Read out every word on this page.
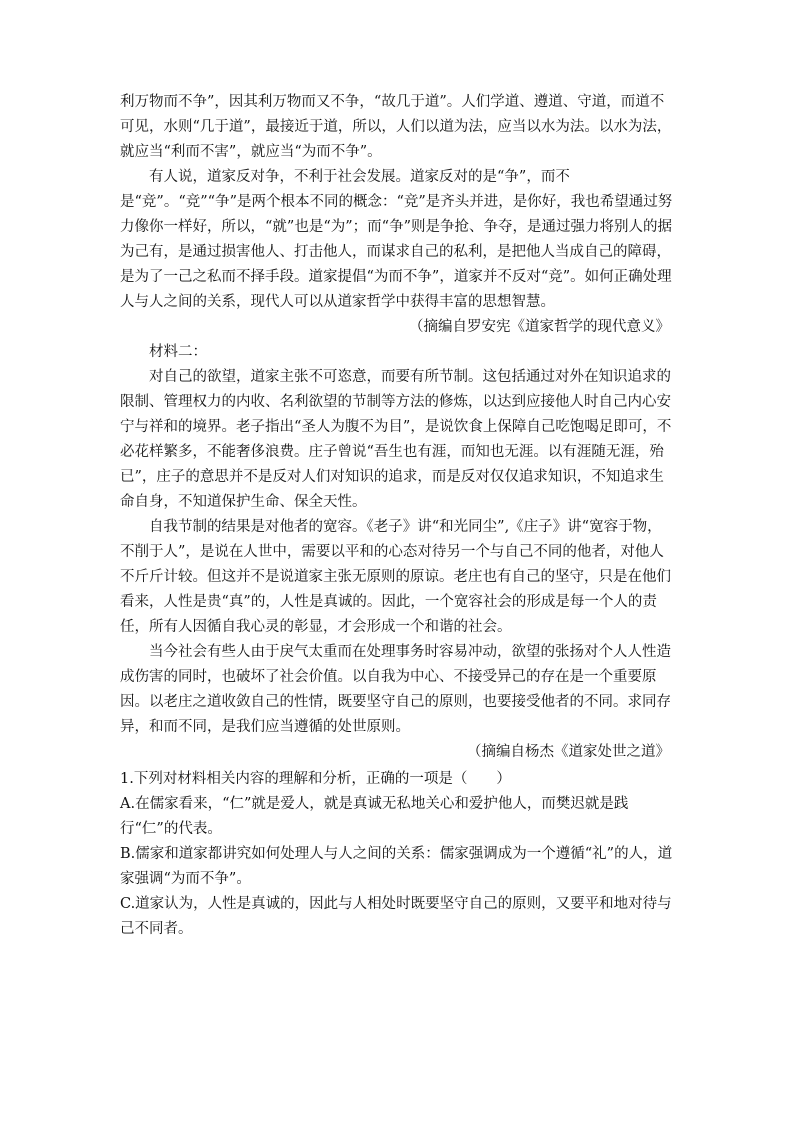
利万物而不争”，因其利万物而又不争，“故几于道”。人们学道、遵道、守道，而道不可见，水则“几于道”，最接近于道，所以，人们以道为法，应当以水为法。以水为法，就应当“利而不害”，就应当“为而不争”。

有人说，道家反对争，不利于社会发展。道家反对的是“争”，而不是“竞”。“竞”“争”是两个根本不同的概念：“竞”是齐头并进，是你好，我也希望通过努力像你一样好，所以，“就”也是“为”；而“争”则是争抢、争夺，是通过强力将别人的据为己有，是通过损害他人、打击他人，而谋求自己的私利，是把他人当成自己的障碍，是为了一己之私而不择手段。道家提倡“为而不争”，道家并不反对“竞”。如何正确处理人与人之间的关系，现代人可以从道家哲学中获得丰富的思想智慧。

（摘编自罗安宪《道家哲学的现代意义》

材料二：

对自己的欲望，道家主张不可恣意，而要有所节制。这包括通过对外在知识追求的限制、管理权力的内收、名利欲望的节制等方法的修炼，以达到应接他人时自己内心安宁与祥和的境界。老子指出“圣人为腹不为目”，是说饮食上保障自己吃饱喝足即可，不必花样繁多，不能奢侈浪费。庄子曾说“吾生也有涯，而知也无涯。以有涯随无涯，殆已”，庄子的意思并不是反对人们对知识的追求，而是反对仅仅追求知识，不知追求生命自身，不知道保护生命、保全天性。

自我节制的结果是对他者的宽容。《老子》讲“和光同尘”,《庄子》讲“宽容于物，不削于人”，是说在人世中，需要以平和的心态对待另一个与自己不同的他者，对他人不斤斤计较。但这并不是说道家主张无原则的原谅。老庄也有自己的坚守，只是在他们看来，人性是贵“真”的，人性是真诚的。因此，一个宽容社会的形成是每一个人的责任，所有人因循自我心灵的彰显，才会形成一个和谐的社会。

当今社会有些人由于戾气太重而在处理事务时容易冲动，欲望的张扬对个人人性造成伤害的同时，也破坏了社会价值。以自我为中心、不接受异己的存在是一个重要原因。以老庄之道收敛自己的性情，既要坚守自己的原则，也要接受他者的不同。求同存异，和而不同，是我们应当遵循的处世原则。

（摘编自杨杰《道家处世之道》

1.下列对材料相关内容的理解和分析，正确的一项是（　　）

A.在儒家看来，“仁”就是爱人，就是真诚无私地关心和爱护他人，而樊迟就是践行“仁”的代表。

B.儒家和道家都讲究如何处理人与人之间的关系：儒家强调成为一个遵循“礼”的人，道家强调“为而不争”。

C.道家认为，人性是真诚的，因此与人相处时既要坚守自己的原则，又要平和地对待与己不同者。
